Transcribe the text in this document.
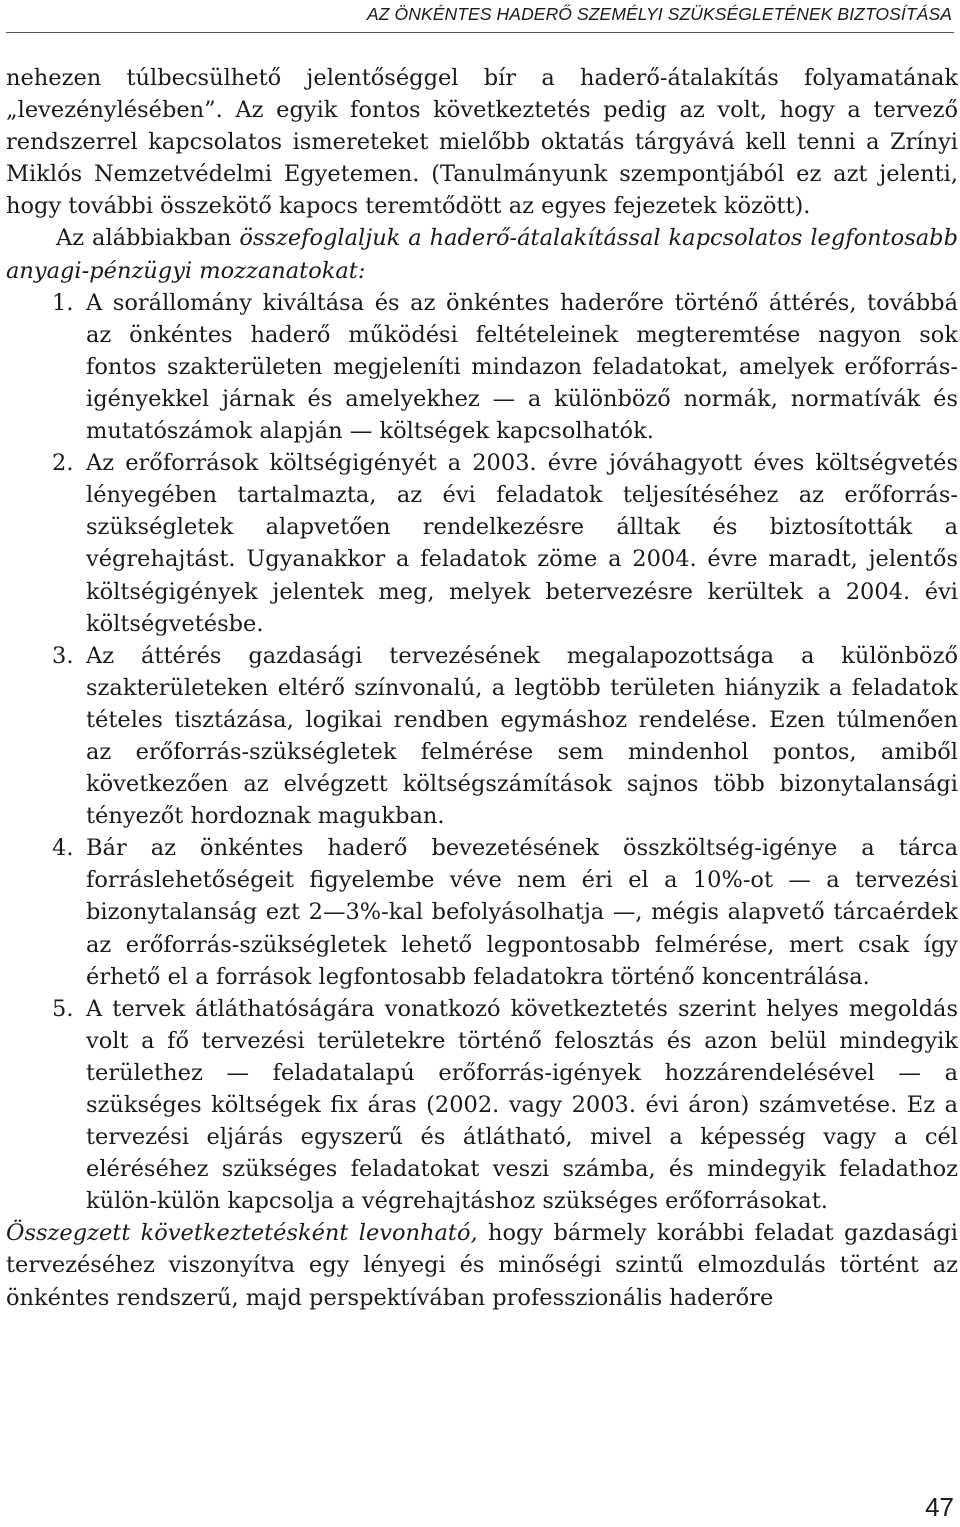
AZ ÖNKÉNTES HADERŐ SZEMÉLYI SZÜKSÉGLETÉNEK BIZTOSÍTÁSA

nehezen túlbecsülhető jelentőséggel bír a haderő-átalakítás folyamatának „levezénylésében”. Az egyik fontos következtetés pedig az volt, hogy a tervező rendszerrel kapcsolatos ismereteket mielőbb oktatás tárgyává kell tenni a Zrínyi Miklós Nemzetvédelmi Egyetemen. (Tanulmányunk szempontjából ez azt jelenti, hogy további összekötő kapocs teremtődött az egyes fejezetek között).

Az alábbiakban összefoglaljuk a haderő-átalakítással kapcsolatos legfontosabb anyagi-pénzügyi mozzanatokat:

1. A sorállomány kiváltása és az önkéntes haderőre történő áttérés, továbbá az önkéntes haderő működési feltételeinek megteremtése nagyon sok fontos szakterületen megjeleníti mindazon feladatokat, amelyek erőforrás-igényekkel járnak és amelyekhez — a különböző normák, normatívák és mutatószámok alapján — költségek kapcsolhatók.
2. Az erőforrások költségigényét a 2003. évre jóváhagyott éves költségvetés lényegében tartalmazta, az évi feladatok teljesítéséhez az erőforrás-szükségletek alapvetően rendelkezésre álltak és biztosították a végrehajtást. Ugyanakkor a feladatok zöme a 2004. évre maradt, jelentős költségigények jelentek meg, melyek betervezésre kerültek a 2004. évi költségvetésbe.
3. Az áttérés gazdasági tervezésének megalapozottsága a különböző szakterületeken eltérő színvonalú, a legtöbb területen hiányzik a feladatok tételes tisztázása, logikai rendben egymáshoz rendelése. Ezen túlmenően az erőforrás-szükségletek felmérése sem mindenhol pontos, amiből következően az elvégzett költségszámítások sajnos több bizonytalansági tényezőt hordoznak magukban.
4. Bár az önkéntes haderő bevezetésének összköltség-igénye a tárca forráslehetőségeit figyelembe véve nem éri el a 10%-ot — a tervezési bizonytalanság ezt 2—3%-kal befolyásolhatja —, mégis alapvető tárcaérdek az erőforrás-szükségletek lehető legpontosabb felmérése, mert csak így érhető el a források legfontosabb feladatokra történő koncentrálása.
5. A tervek átláthatóságára vonatkozó következtetés szerint helyes megoldás volt a fő tervezési területekre történő felosztás és azon belül mindegyik területhez — feladatalapú erőforrás-igények hozzárendelésével — a szükséges költségek fix áras (2002. vagy 2003. évi áron) számvetése. Ez a tervezési eljárás egyszerű és átlátható, mivel a képesség vagy a cél eléréséhez szükséges feladatokat veszi számba, és mindegyik feladathoz külön-külön kapcsolja a végrehajtáshoz szükséges erőforrásokat.

Összegzett következtetésként levonható, hogy bármely korábbi feladat gazdasági tervezéséhez viszonyítva egy lényegi és minőségi szintű elmozdulás történt az önkéntes rendszerű, majd perspektívában professzionális haderőre

47
